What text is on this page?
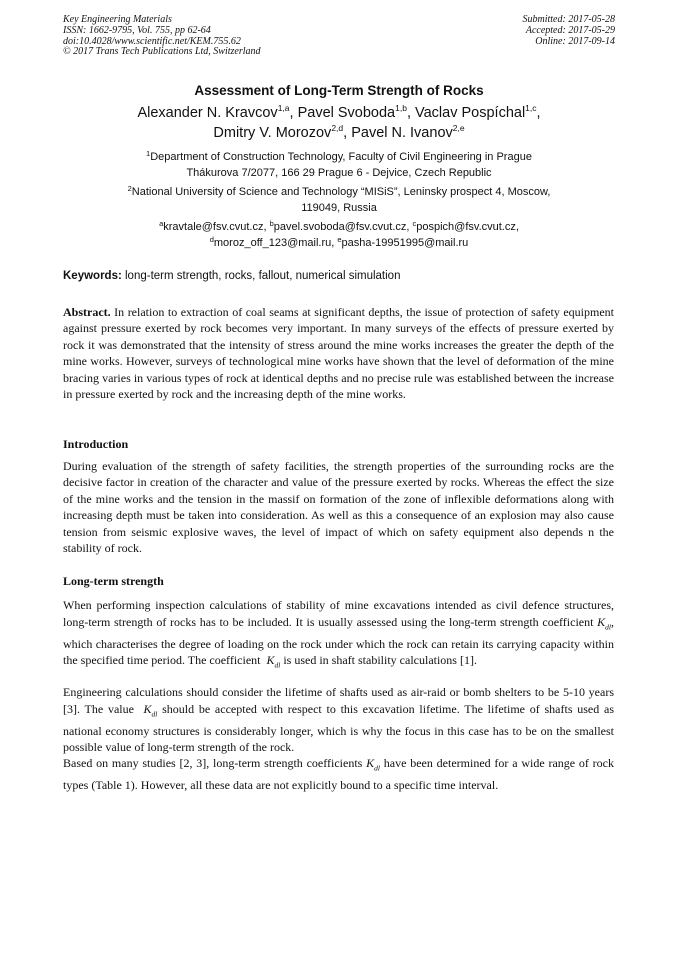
Key Engineering Materials
ISSN: 1662-9795, Vol. 755, pp 62-64
doi:10.4028/www.scientific.net/KEM.755.62
© 2017 Trans Tech Publications Ltd, Switzerland
Submitted: 2017-05-28
Accepted: 2017-05-29
Online: 2017-09-14
Assessment of Long-Term Strength of Rocks
Alexander N. Kravcov$^{1,a}$, Pavel Svoboda$^{1,b}$, Vaclav Pospíchal$^{1,c}$,
Dmitry V. Morozov$^{2,d}$, Pavel N. Ivanov$^{2,e}$
$^1$Department of Construction Technology, Faculty of Civil Engineering in Prague
Thákurova 7/2077, 166 29 Prague 6 - Dejvice, Czech Republic
$^2$National University of Science and Technology “MISiS”, Leninsky prospect 4, Moscow,
119049, Russia
$^a$kravtale@fsv.cvut.cz, $^b$pavel.svoboda@fsv.cvut.cz, $^c$pospich@fsv.cvut.cz,
$^d$moroz_off_123@mail.ru, $^e$pasha-19951995@mail.ru
Keywords: long-term strength, rocks, fallout, numerical simulation
Abstract. In relation to extraction of coal seams at significant depths, the issue of protection of safety equipment against pressure exerted by rock becomes very important. In many surveys of the effects of pressure exerted by rock it was demonstrated that the intensity of stress around the mine works increases the greater the depth of the mine works. However, surveys of technological mine works have shown that the level of deformation of the mine bracing varies in various types of rock at identical depths and no precise rule was established between the increase in pressure exerted by rock and the increasing depth of the mine works.
Introduction
During evaluation of the strength of safety facilities, the strength properties of the surrounding rocks are the decisive factor in creation of the character and value of the pressure exerted by rocks. Whereas the effect the size of the mine works and the tension in the massif on formation of the zone of inflexible deformations along with increasing depth must be taken into consideration. As well as this a consequence of an explosion may also cause tension from seismic explosive waves, the level of impact of which on safety equipment also depends n the stability of rock.
Long-term strength
When performing inspection calculations of stability of mine excavations intended as civil defence structures, long-term strength of rocks has to be included. It is usually assessed using the long-term strength coefficient $K_{dl}$, which characterises the degree of loading on the rock under which the rock can retain its carrying capacity within the specified time period. The coefficient  $K_{dl}$ is used in shaft stability calculations [1].
Engineering calculations should consider the lifetime of shafts used as air-raid or bomb shelters to be 5-10 years [3]. The value  $K_{dl}$ should be accepted with respect to this excavation lifetime. The lifetime of shafts used as national economy structures is considerably longer, which is why the focus in this case has to be on the smallest possible value of long-term strength of the rock.
Based on many studies [2, 3], long-term strength coefficients $K_{dl}$ have been determined for a wide range of rock types (Table 1). However, all these data are not explicitly bound to a specific time interval.
